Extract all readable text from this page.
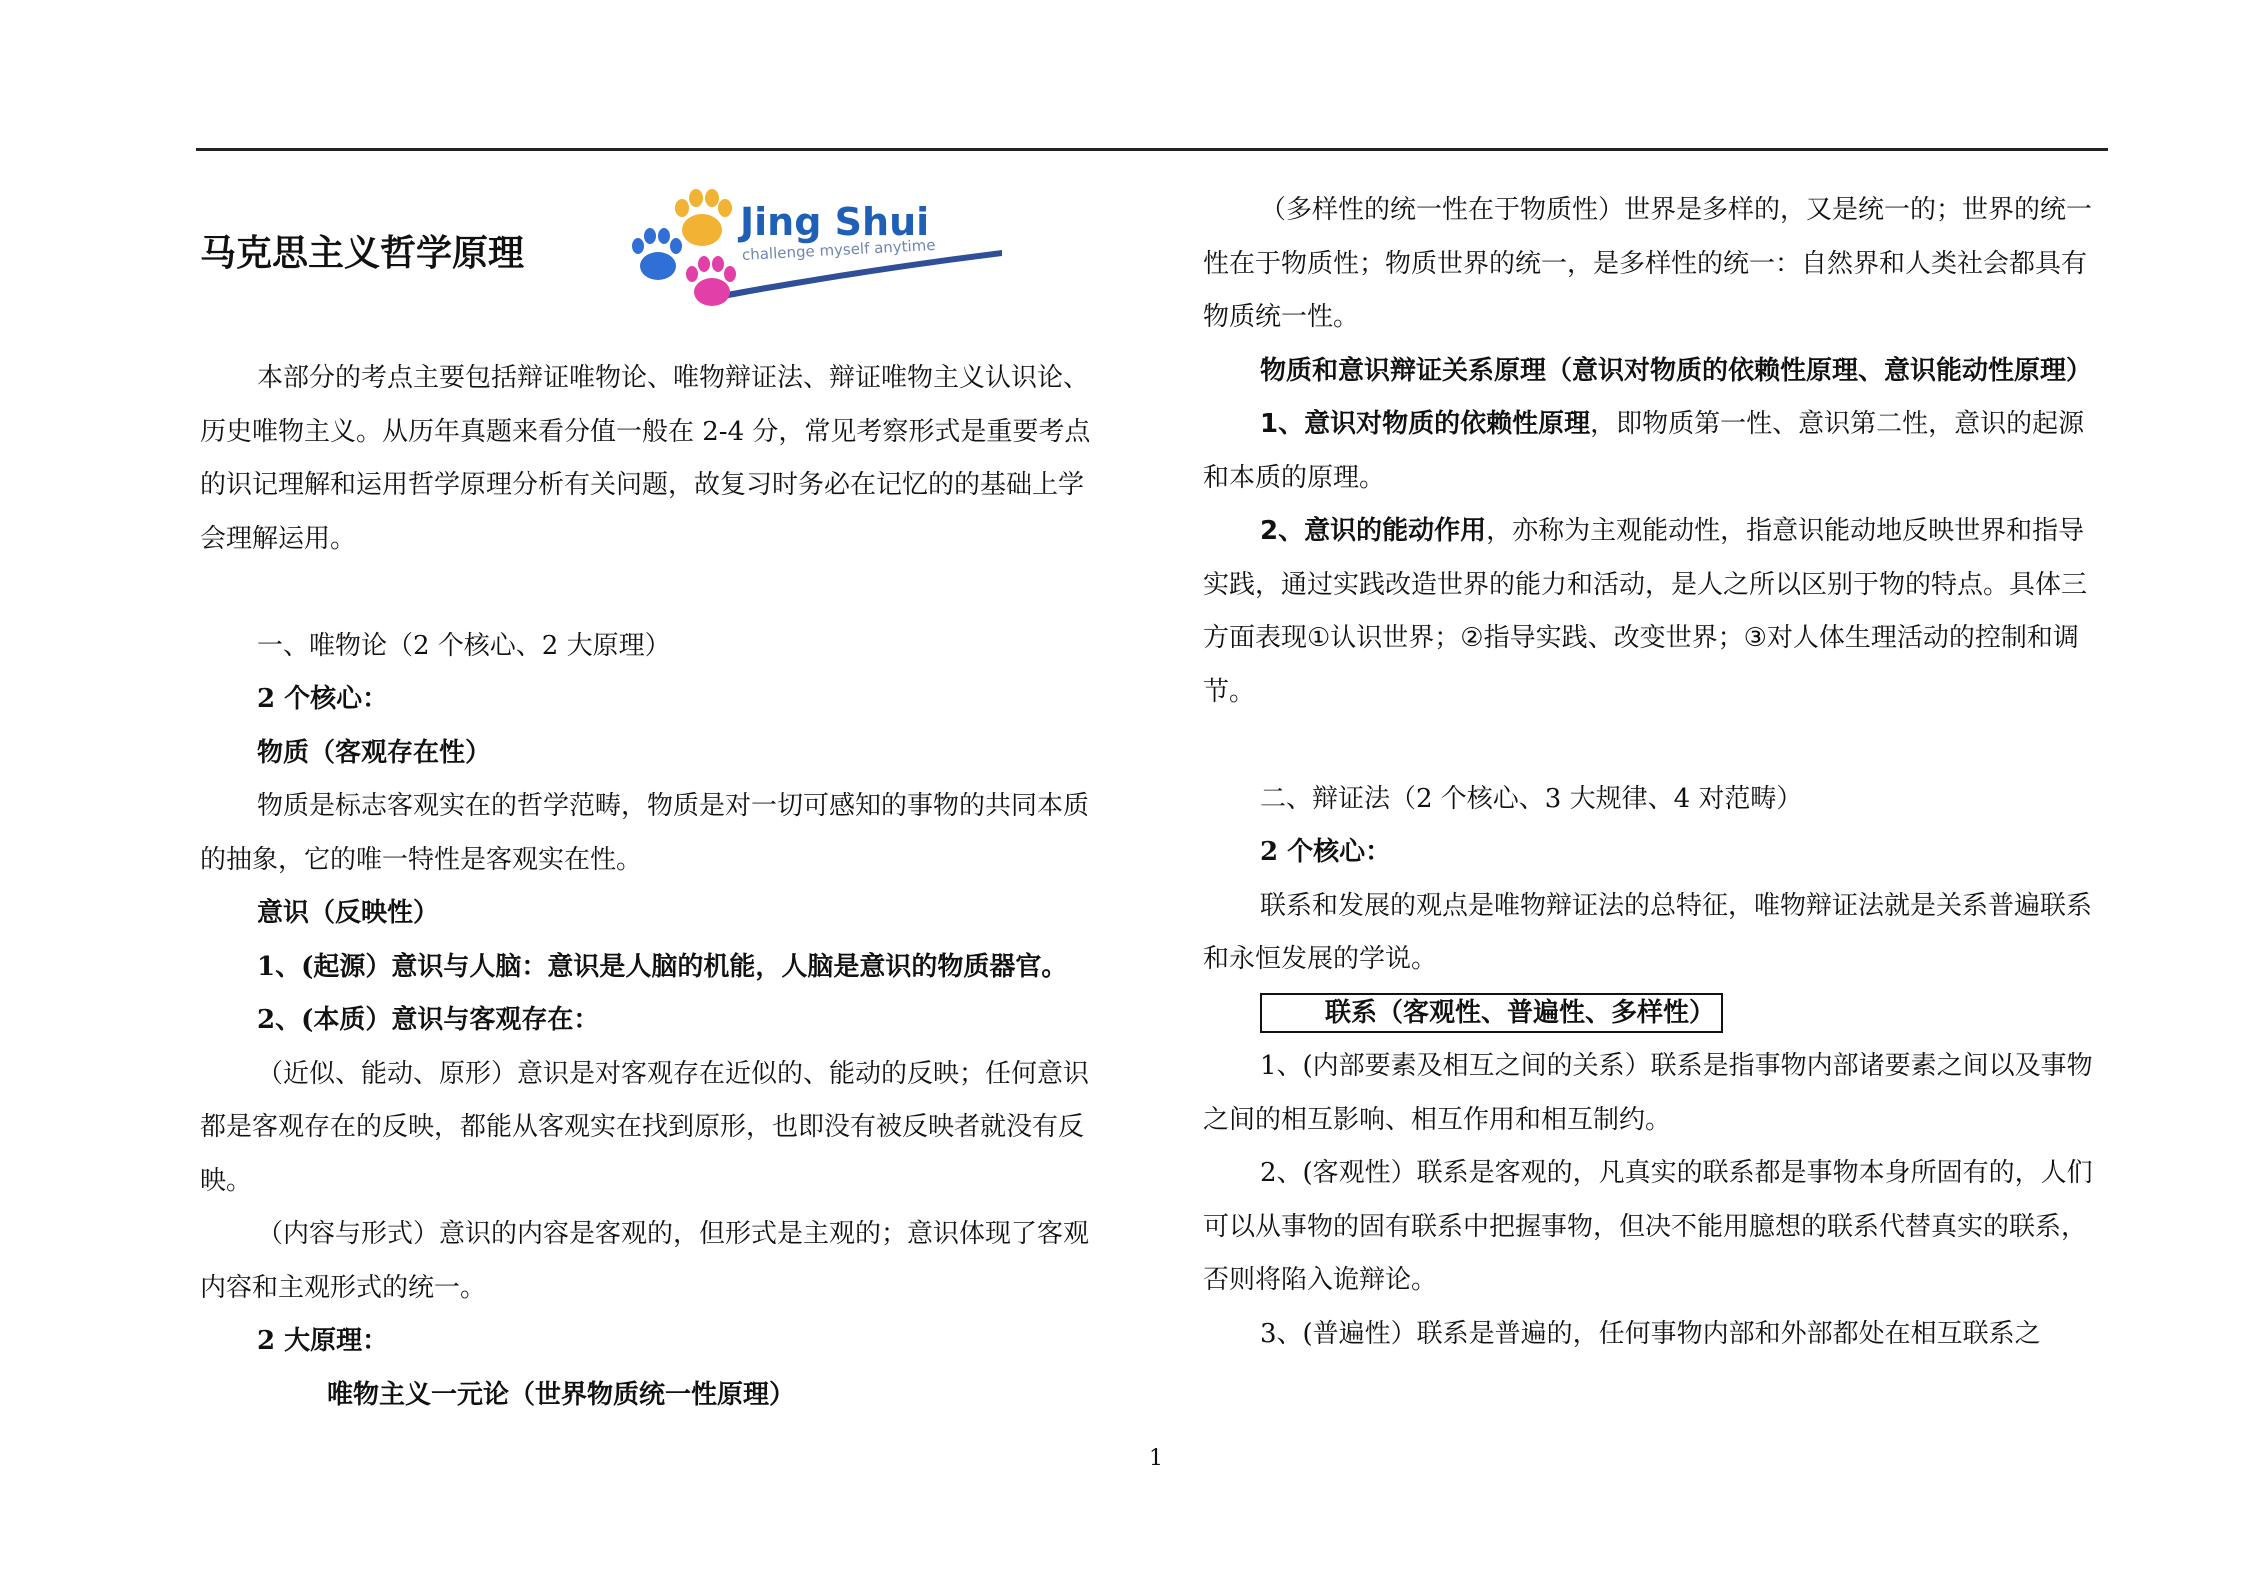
马克思主义哲学原理
Jing Shui
challenge myself anytime

本部分的考点主要包括辩证唯物论、唯物辩证法、辩证唯物主义认识论、历史唯物主义。从历年真题来看分值一般在 2-4 分，常见考察形式是重要考点的识记理解和运用哲学原理分析有关问题，故复习时务必在记忆的的基础上学会理解运用。

一、唯物论（2 个核心、2 大原理）

2 个核心：

物质（客观存在性）

物质是标志客观实在的哲学范畴，物质是对一切可感知的事物的共同本质的抽象，它的唯一特性是客观实在性。

意识（反映性）

1、(起源）意识与人脑：意识是人脑的机能，人脑是意识的物质器官。

2、(本质）意识与客观存在：

（近似、能动、原形）意识是对客观存在近似的、能动的反映；任何意识都是客观存在的反映，都能从客观实在找到原形，也即没有被反映者就没有反映。

（内容与形式）意识的内容是客观的，但形式是主观的；意识体现了客观内容和主观形式的统一。

2 大原理：

唯物主义一元论（世界物质统一性原理）

（多样性的统一性在于物质性）世界是多样的，又是统一的；世界的统一性在于物质性；物质世界的统一，是多样性的统一：自然界和人类社会都具有物质统一性。

物质和意识辩证关系原理（意识对物质的依赖性原理、意识能动性原理）

1、意识对物质的依赖性原理，即物质第一性、意识第二性，意识的起源和本质的原理。

2、意识的能动作用，亦称为主观能动性，指意识能动地反映世界和指导实践，通过实践改造世界的能力和活动，是人之所以区别于物的特点。具体三方面表现①认识世界；②指导实践、改变世界；③对人体生理活动的控制和调节。

二、辩证法（2 个核心、3 大规律、4 对范畴）

2 个核心：

联系和发展的观点是唯物辩证法的总特征，唯物辩证法就是关系普遍联系和永恒发展的学说。

联系（客观性、普遍性、多样性）

1、(内部要素及相互之间的关系）联系是指事物内部诸要素之间以及事物之间的相互影响、相互作用和相互制约。

2、(客观性）联系是客观的，凡真实的联系都是事物本身所固有的，人们可以从事物的固有联系中把握事物，但决不能用臆想的联系代替真实的联系，否则将陷入诡辩论。

3、(普遍性）联系是普遍的，任何事物内部和外部都处在相互联系之

1
